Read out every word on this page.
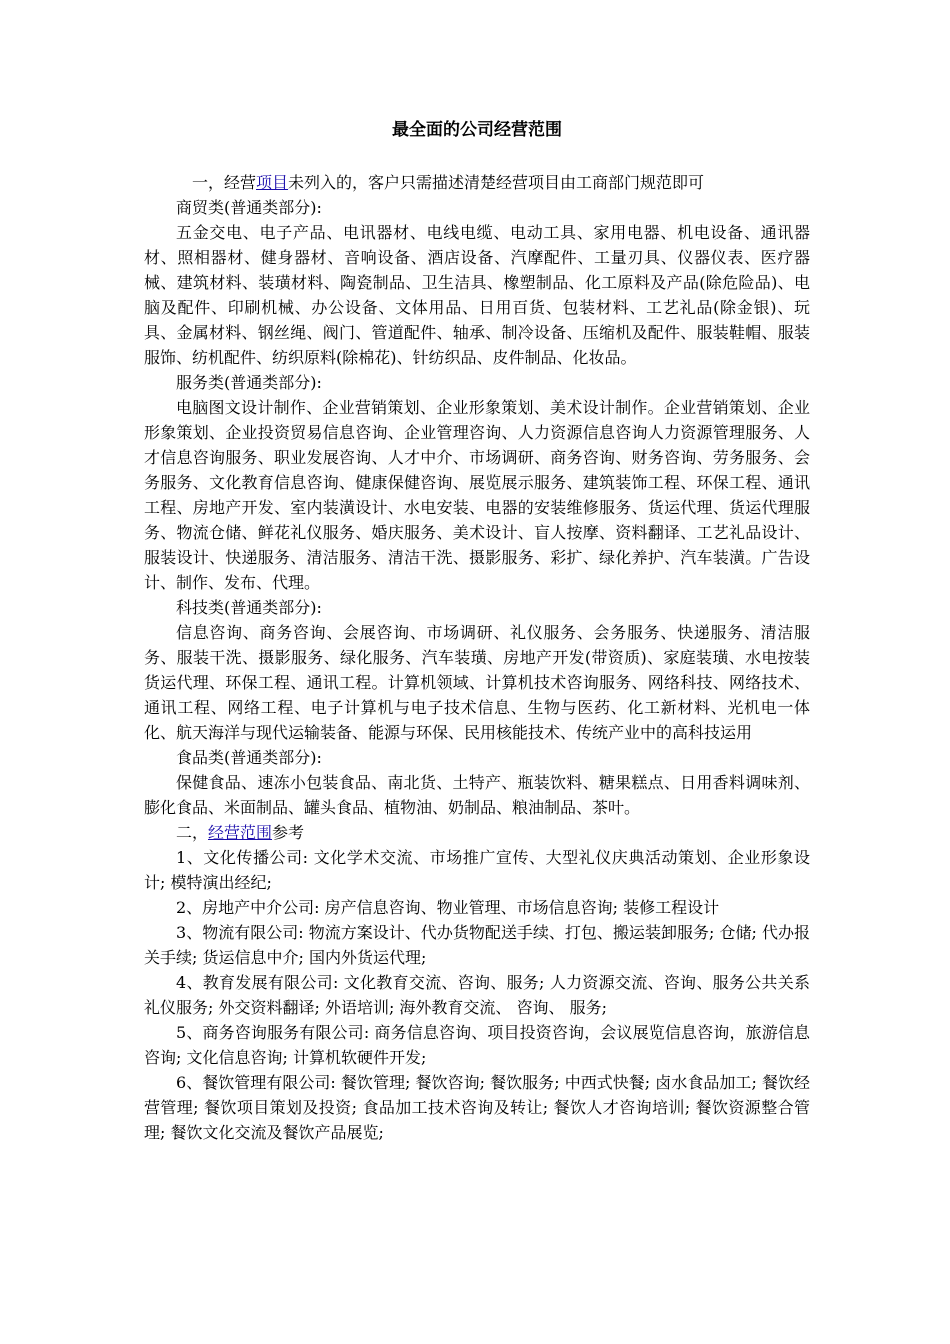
最全面的公司经营范围

一，经营项目未列入的，客户只需描述清楚经营项目由工商部门规范即可

商贸类(普通类部分):

五金交电、电子产品、电讯器材、电线电缆、电动工具、家用电器、机电设备、通讯器材、照相器材、健身器材、音响设备、酒店设备、汽摩配件、工量刃具、仪器仪表、医疗器械、建筑材料、装璜材料、陶瓷制品、卫生洁具、橡塑制品、化工原料及产品(除危险品)、电脑及配件、印刷机械、办公设备、文体用品、日用百货、包装材料、工艺礼品(除金银)、玩具、金属材料、钢丝绳、阀门、管道配件、轴承、制冷设备、压缩机及配件、服装鞋帽、服装服饰、纺机配件、纺织原料(除棉花)、针纺织品、皮件制品、化妆品。

服务类(普通类部分):

电脑图文设计制作、企业营销策划、企业形象策划、美术设计制作。企业营销策划、企业形象策划、企业投资贸易信息咨询、企业管理咨询、人力资源信息咨询人力资源管理服务、人才信息咨询服务、职业发展咨询、人才中介、市场调研、商务咨询、财务咨询、劳务服务、会务服务、文化教育信息咨询、健康保健咨询、展览展示服务、建筑装饰工程、环保工程、通讯工程、房地产开发、室内装潢设计、水电安装、电器的安装维修服务、货运代理、货运代理服务、物流仓储、鲜花礼仪服务、婚庆服务、美术设计、盲人按摩、资料翻译、工艺礼品设计、服装设计、快递服务、清洁服务、清洁干洗、摄影服务、彩扩、绿化养护、汽车装潢。广告设计、制作、发布、代理。

科技类(普通类部分):

信息咨询、商务咨询、会展咨询、市场调研、礼仪服务、会务服务、快递服务、清洁服务、服装干洗、摄影服务、绿化服务、汽车装璜、房地产开发(带资质)、家庭装璜、水电按装货运代理、环保工程、通讯工程。计算机领域、计算机技术咨询服务、网络科技、网络技术、通讯工程、网络工程、电子计算机与电子技术信息、生物与医药、化工新材料、光机电一体化、航天海洋与现代运输装备、能源与环保、民用核能技术、传统产业中的高科技运用

食品类(普通类部分):

保健食品、速冻小包装食品、南北货、土特产、瓶装饮料、糖果糕点、日用香料调味剂、膨化食品、米面制品、罐头食品、植物油、奶制品、粮油制品、茶叶。

二，经营范围参考

1、文化传播公司: 文化学术交流、市场推广宣传、大型礼仪庆典活动策划、企业形象设计; 模特演出经纪;

2、房地产中介公司: 房产信息咨询、物业管理、市场信息咨询; 装修工程设计

3、物流有限公司: 物流方案设计、代办货物配送手续、打包、搬运装卸服务; 仓储; 代办报关手续; 货运信息中介; 国内外货运代理;

4、教育发展有限公司: 文化教育交流、咨询、服务; 人力资源交流、咨询、服务公共关系礼仪服务; 外交资料翻译; 外语培训; 海外教育交流、 咨询、 服务;

5、商务咨询服务有限公司: 商务信息咨询、项目投资咨询，会议展览信息咨询，旅游信息咨询; 文化信息咨询; 计算机软硬件开发;

6、餐饮管理有限公司: 餐饮管理; 餐饮咨询; 餐饮服务; 中西式快餐; 卤水食品加工; 餐饮经营管理; 餐饮项目策划及投资; 食品加工技术咨询及转让; 餐饮人才咨询培训; 餐饮资源整合管理; 餐饮文化交流及餐饮产品展览;
